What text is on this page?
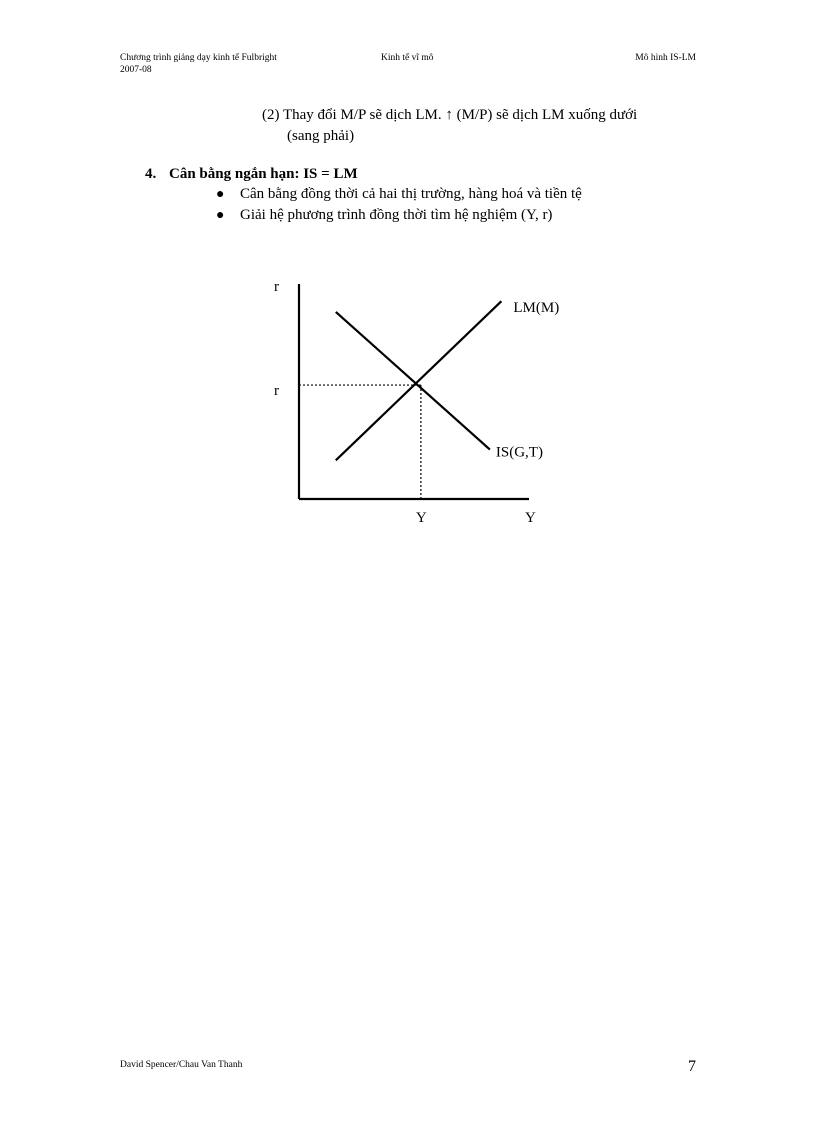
Chương trình giảng dạy kinh tế Fulbright
2007-08
Kinh tế vĩ mô	Mô hình IS-LM
(2) Thay đổi M/P sẽ dịch LM. ↑ (M/P) sẽ dịch LM xuống dưới
(sang phải)
4. Cân bằng ngắn hạn: IS = LM
● Cân bằng đồng thời cả hai thị trường, hàng hoá và tiền tệ
● Giải hệ phương trình đồng thời tìm hệ nghiệm (Y, r)
r
Y
r
Y
LM(M)
IS(G,T)
David Spencer/Chau Van Thanh	7
